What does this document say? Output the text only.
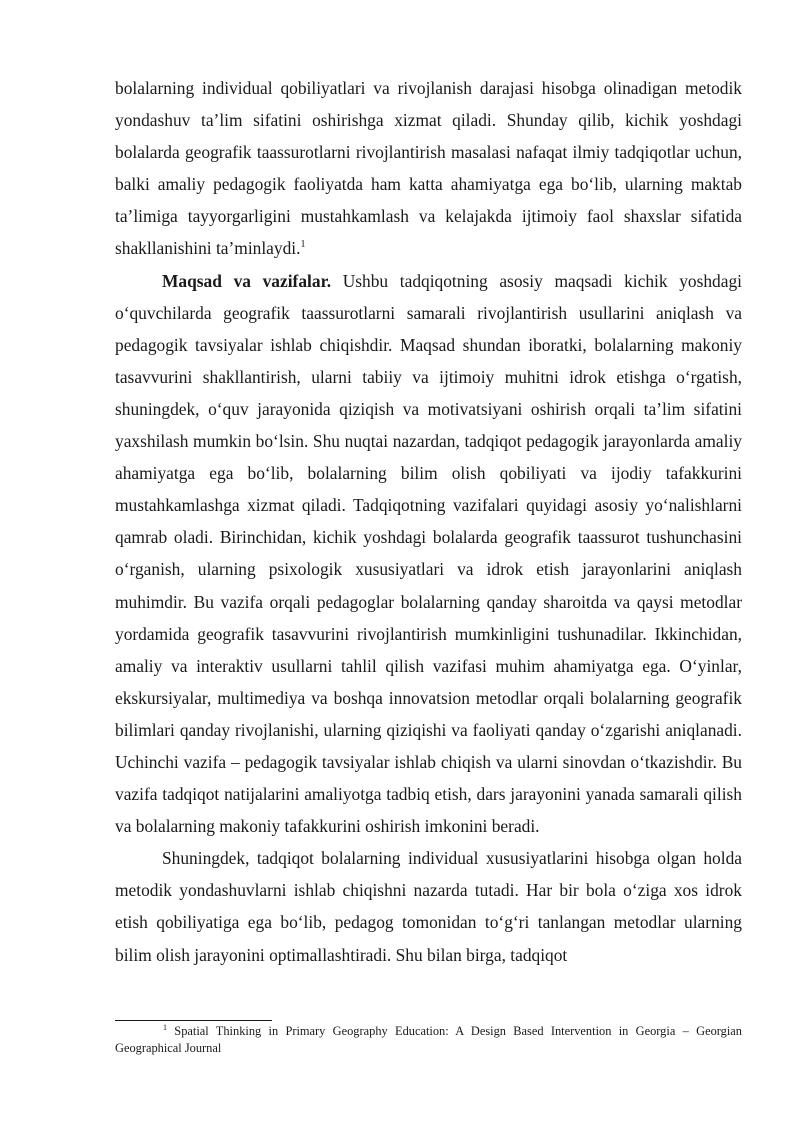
bolalarning individual qobiliyatlari va rivojlanish darajasi hisobga olinadigan metodik yondashuv ta’lim sifatini oshirishga xizmat qiladi. Shunday qilib, kichik yoshdagi bolalarda geografik taassurotlarni rivojlantirish masalasi nafaqat ilmiy tadqiqotlar uchun, balki amaliy pedagogik faoliyatda ham katta ahamiyatga ega bo‘lib, ularning maktab ta’limiga tayyorgarligini mustahkamlash va kelajakda ijtimoiy faol shaxslar sifatida shakllanishini ta’minlaydi.$^1$

Maqsad va vazifalar. Ushbu tadqiqotning asosiy maqsadi kichik yoshdagi o‘quvchilarda geografik taassurotlarni samarali rivojlantirish usullarini aniqlash va pedagogik tavsiyalar ishlab chiqishdir. Maqsad shundan iboratki, bolalarning makoniy tasavvurini shakllantirish, ularni tabiiy va ijtimoiy muhitni idrok etishga o‘rgatish, shuningdek, o‘quv jarayonida qiziqish va motivatsiyani oshirish orqali ta’lim sifatini yaxshilash mumkin bo‘lsin. Shu nuqtai nazardan, tadqiqot pedagogik jarayonlarda amaliy ahamiyatga ega bo‘lib, bolalarning bilim olish qobiliyati va ijodiy tafakkurini mustahkamlashga xizmat qiladi. Tadqiqotning vazifalari quyidagi asosiy yo‘nalishlarni qamrab oladi. Birinchidan, kichik yoshdagi bolalarda geografik taassurot tushunchasini o‘rganish, ularning psixologik xususiyatlari va idrok etish jarayonlarini aniqlash muhimdir. Bu vazifa orqali pedagoglar bolalarning qanday sharoitda va qaysi metodlar yordamida geografik tasavvurini rivojlantirish mumkinligini tushunadilar. Ikkinchidan, amaliy va interaktiv usullarni tahlil qilish vazifasi muhim ahamiyatga ega. O‘yinlar, ekskursiyalar, multimediya va boshqa innovatsion metodlar orqali bolalarning geografik bilimlari qanday rivojlanishi, ularning qiziqishi va faoliyati qanday o‘zgarishi aniqlanadi. Uchinchi vazifa – pedagogik tavsiyalar ishlab chiqish va ularni sinovdan o‘tkazishdir. Bu vazifa tadqiqot natijalarini amaliyotga tadbiq etish, dars jarayonini yanada samarali qilish va bolalarning makoniy tafakkurini oshirish imkonini beradi.

Shuningdek, tadqiqot bolalarning individual xususiyatlarini hisobga olgan holda metodik yondashuvlarni ishlab chiqishni nazarda tutadi. Har bir bola o‘ziga xos idrok etish qobiliyatiga ega bo‘lib, pedagog tomonidan to‘g‘ri tanlangan metodlar ularning bilim olish jarayonini optimallashtiradi. Shu bilan birga, tadqiqot

$^1$ Spatial Thinking in Primary Geography Education: A Design Based Intervention in Georgia – Georgian Geographical Journal
